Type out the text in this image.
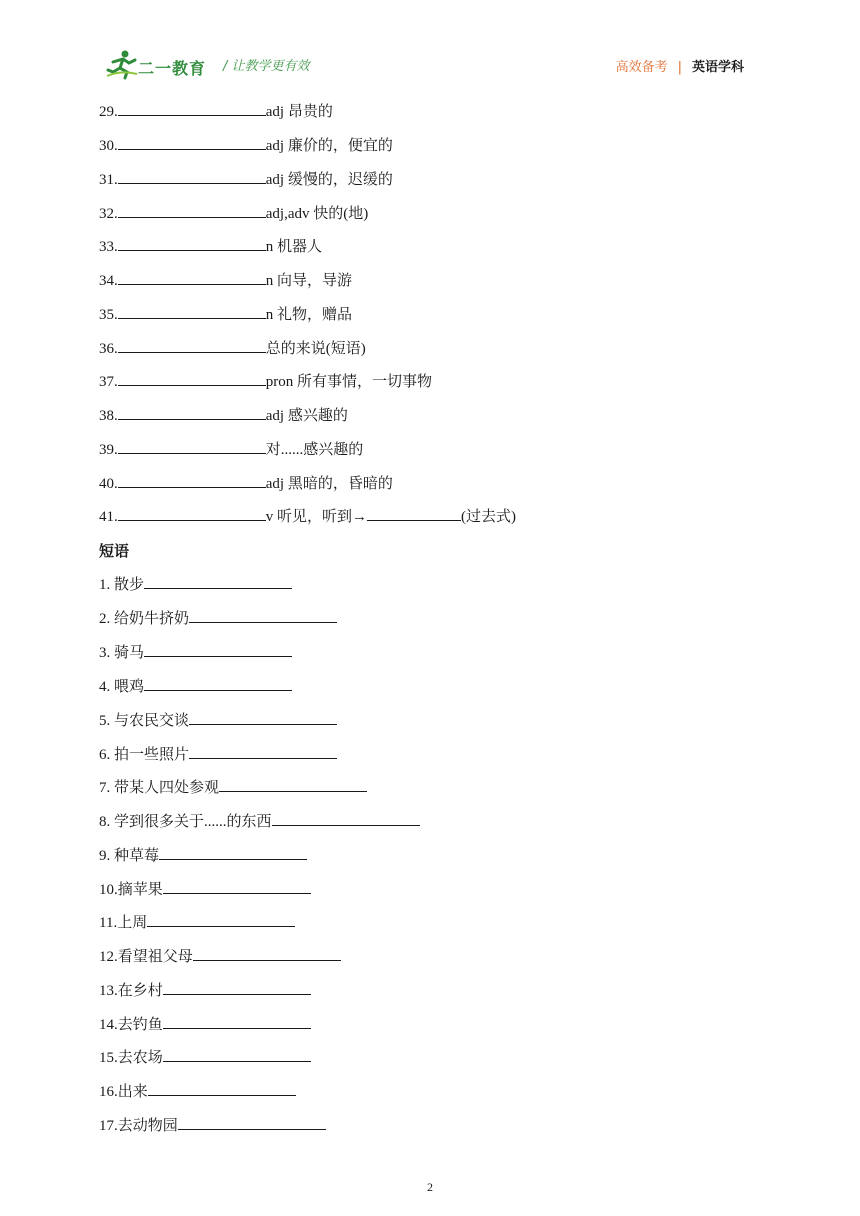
二一教育 / 让教学更有效	高效备考 | 英语学科
29.	adj 昂贵的
30.	adj 廉价的，便宜的
31.	adj 缓慢的，迟缓的
32.	adj,adv 快的(地)
33.	n 机器人
34.	n 向导，导游
35.	n 礼物，赠品
36.	总的来说(短语)
37.	pron 所有事情，一切事物
38.	adj 感兴趣的
39.	对......感兴趣的
40.	adj 黑暗的，昏暗的
41.	v 听见，听到→	(过去式)
短语
1. 散步
2. 给奶牛挤奶
3. 骑马
4. 喂鸡
5. 与农民交谈
6. 拍一些照片
7. 带某人四处参观
8. 学到很多关于......的东西
9. 种草莓
10.摘苹果
11.上周
12.看望祖父母
13.在乡村
14.去钓鱼
15.去农场
16.出来
17.去动物园
2
